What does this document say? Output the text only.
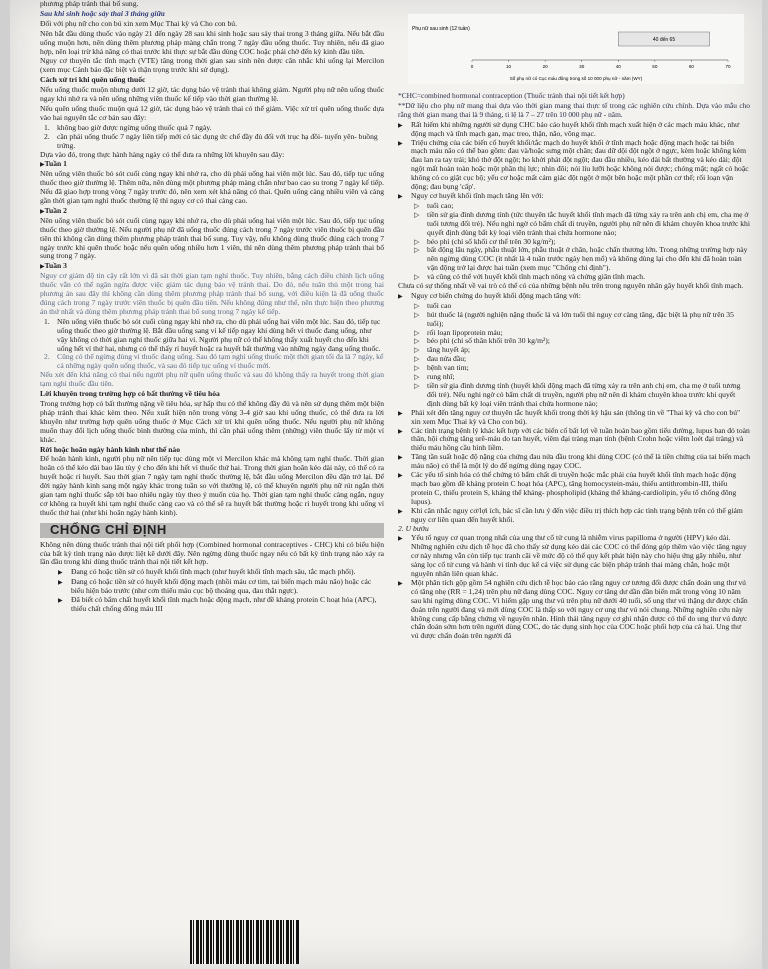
phương pháp tránh thai bổ sung.

Sau khi sinh hoặc sảy thai 3 tháng giữa

Đối với phụ nữ cho con bú xin xem Mục Thai kỳ và Cho con bú.

Nên bắt đầu dùng thuốc vào ngày 21 đến ngày 28 sau khi sinh hoặc sau sảy thai trong 3 tháng giữa. Nếu bắt đầu uống muộn hơn, nên dùng thêm phương pháp màng chắn trong 7 ngày đầu uống thuốc. Tuy nhiên, nếu đã giao hợp, nên loại trừ khả năng có thai trước khi thực sự bắt đầu dùng COC hoặc phải chờ đến kỳ kinh đầu tiên.

Nguy cơ thuyên tắc tĩnh mạch (VTE) tăng trong thời gian sau sinh nên được cân nhắc khi uống lại Mercilon (xem mục Cảnh báo đặc biệt và thận trọng trước khi sử dụng).

Cách xử trí khi quên uống thuốc

Nếu uống thuốc muộn nhưng dưới 12 giờ, tác dụng bảo vệ tránh thai không giảm. Người phụ nữ nên uống thuốc ngay khi nhớ ra và nên uống những viên thuốc kế tiếp vào thời gian thường lệ.

Nếu quên uống thuốc muộn quá 12 giờ, tác dụng bảo vệ tránh thai có thể giảm. Việc xử trí quên uống thuốc dựa vào hai nguyên tắc cơ bản sau đây:

1. không bao giờ được ngừng uống thuốc quá 7 ngày.
2. cần phải uống thuốc 7 ngày liên tiếp mới có tác dụng ức chế đầy đủ đối với trục hạ đồi- tuyến yên- buồng trứng.

Dựa vào đó, trong thực hành hàng ngày có thể đưa ra những lời khuyên sau đây:

▶ Tuần 1

Nên uống viên thuốc bỏ sót cuối cùng ngay khi nhớ ra, cho dù phải uống hai viên một lúc. Sau đó, tiếp tục uống thuốc theo giờ thường lệ. Thêm nữa, nên dùng một phương pháp màng chắn như bao cao su trong 7 ngày kế tiếp. Nếu đã giao hợp trong vòng 7 ngày trước đó, nên xem xét khả năng có thai. Quên uống càng nhiều viên và càng gần thời gian tạm nghỉ thuốc thường lệ thì nguy cơ có thai càng cao.

▶ Tuần 2

Nên uống viên thuốc bỏ sót cuối cùng ngay khi nhớ ra, cho dù phải uống hai viên một lúc. Sau đó, tiếp tục uống thuốc theo giờ thường lệ. Nếu người phụ nữ đã uống thuốc đúng cách trong 7 ngày trước viên thuốc bị quên đầu tiên thì không cần dùng thêm phương pháp tránh thai bổ sung. Tuy vậy, nếu không dùng thuốc đúng cách trong 7 ngày trước khi quên thuốc hoặc nếu quên uống nhiều hơn 1 viên, thì nên dùng thêm phương pháp tránh thai bổ sung trong 7 ngày.

▶ Tuần 3

Nguy cơ giảm độ tin cậy rất lớn vì đã sát thời gian tạm nghỉ thuốc. Tuy nhiên, bằng cách điều chỉnh lịch uống thuốc vẫn có thể ngăn ngừa được việc giảm tác dụng bảo vệ tránh thai. Do đó, nếu tuân thủ một trong hai phương án sau đây thì không cần dùng thêm phương pháp tránh thai bổ sung, với điều kiện là đã uống thuốc đúng cách trong 7 ngày trước viên thuốc bị quên đầu tiên. Nếu không đúng như thế, nên thực hiện theo phương án thứ nhất và dùng thêm phương pháp tránh thai bổ sung trong 7 ngày kế tiếp.

1. Nên uống viên thuốc bỏ sót cuối cùng ngay khi nhớ ra, cho dù phải uống hai viên một lúc. Sau đó, tiếp tục uống thuốc theo giờ thường lệ. Bắt đầu uống sang vỉ kế tiếp ngay khi dùng hết vỉ thuốc đang uống, như vậy không có thời gian nghỉ thuốc giữa hai vỉ. Người phụ nữ có thể không thấy xuất huyết cho đến khi uống hết vỉ thứ hai, nhưng có thể thấy rỉ huyết hoặc ra huyết bất thường vào những ngày đang uống thuốc.
2. Cũng có thể ngừng dùng vỉ thuốc đang uống. Sau đó tạm nghỉ uống thuốc một thời gian tối đa là 7 ngày, kể cả những ngày quên uống thuốc, và sau đó tiếp tục uống vỉ thuốc mới.

Nếu xét đến khả năng có thai nếu người phụ nữ quên uống thuốc và sau đó không thấy ra huyết trong thời gian tạm nghỉ thuốc đầu tiên.

Lời khuyên trong trường hợp có bất thường về tiêu hóa

Trong trường hợp có bất thường nặng về tiêu hóa, sự hấp thu có thể không đầy đủ và nên sử dụng thêm một biện pháp tránh thai khác kèm theo. Nếu xuất hiện nôn trong vòng 3-4 giờ sau khi uống thuốc, có thể đưa ra lời khuyên như trường hợp quên uống thuốc ở Mục Cách xử trí khi quên uống thuốc. Nếu người phụ nữ không muốn thay đổi lịch uống thuốc bình thường của mình, thì cần phải uống thêm (những) viên thuốc lấy từ một vỉ khác.

Rời hoặc hoãn ngày hành kinh như thế nào

Để hoãn hành kinh, người phụ nữ nên tiếp tục dùng một vỉ Mercilon khác mà không tạm nghỉ thuốc. Thời gian hoãn có thể kéo dài bao lâu tùy ý cho đến khi hết vỉ thuốc thứ hai. Trong thời gian hoãn kéo dài này, có thể có ra huyết hoặc rỉ huyết. Sau thời gian 7 ngày tạm nghỉ thuốc thường lệ, bắt đầu uống Mercilon đều đặn trở lại. Để đời ngày hành kinh sang một ngày khác trong tuần so với thường lệ, có thể khuyên người phụ nữ rút ngắn thời gian tạm nghỉ thuốc sắp tới bao nhiêu ngày tùy theo ý muốn của họ. Thời gian tạm nghỉ thuốc càng ngắn, nguy cơ không ra huyết khi tạm nghỉ thuốc càng cao và có thể sẽ ra huyết bất thường hoặc rỉ huyết trong khi uống vỉ thuốc thứ hai (như khi hoãn ngày hành kinh).

CHỐNG CHỈ ĐỊNH

Không nên dùng thuốc tránh thai nội tiết phối hợp (Combined hormonal contraceptives - CHC) khi có biểu hiện của bất kỳ tình trạng nào được liệt kê dưới đây. Nên ngừng dùng thuốc ngay nếu có bất kỳ tình trạng nào xảy ra lần đầu trong khi dùng thuốc tránh thai nội tiết kết hợp.

▶
Đang có hoặc tiền sử có huyết khối tĩnh mạch (như huyết khối tĩnh mạch sâu, tắc mạch phổi).
▶
Đang có hoặc tiền sử có huyết khối động mạch (nhồi máu cơ tim, tai biến mạch máu não) hoặc các biểu hiện báo trước (như cơn thiếu máu cục bộ thoáng qua, đau thắt ngực).
▶
Đã biết có bẩm chất huyết khối tĩnh mạch hoặc động mạch, như đề kháng protein C hoạt hóa (APC), thiếu chất chống đông máu III
Phụ nữ sau sinh (12 tuần)
40 đến 65
0	10	20	30	40	50	60	70
Số phụ nữ có Cục máu đông trong số 10 000 phụ nữ - năm (WY)

*CHC=combined hormonal contraception (Thuốc tránh thai nội tiết kết hợp)

**Dữ liệu cho phụ nữ mang thai dựa vào thời gian mang thai thực tế trong các nghiên cứu chính. Dựa vào mẫu cho rằng thời gian mang thai là 9 tháng, tỉ lệ là 7 – 27 trên 10 000 phụ nữ - năm.

▶
Rất hiếm khi những người sử dụng CHC báo cáo huyết khối tĩnh mạch xuất hiện ở các mạch máu khác, như động mạch và tĩnh mạch gan, mạc treo, thận, não, võng mạc.
▶
Triệu chứng của các biến cố huyết khối/tắc mạch do huyết khối ở tĩnh mạch hoặc động mạch hoặc tai biến mạch máu não có thể bao gồm: đau và/hoặc sưng một chân; đau dữ dội đột ngột ở ngực, kèm hoặc không kèm đau lan ra tay trái; khó thở đột ngột; ho khởi phát đột ngột; đau đầu nhiều, kéo dài bất thường và kéo dài; đột ngột mất hoàn toàn hoặc một phần thị lực; nhìn đôi; nói líu lưỡi hoặc không nói được; chóng mặt; ngất có hoặc không có co giật cục bộ; yếu cơ hoặc mất cảm giác đột ngột ở một bên hoặc một phần cơ thể; rối loạn vận động; đau bụng 'cấp'.
▶
Nguy cơ huyết khối tĩnh mạch tăng lên với:
▷
tuổi cao;
▷
tiền sử gia đình dương tính (tức thuyên tắc huyết khối tĩnh mạch đã từng xảy ra trên anh chị em, cha mẹ ở tuổi tương đối trẻ). Nếu nghi ngờ có bẩm chất di truyền, người phụ nữ nên đi khám chuyên khoa trước khi quyết định dùng bất kỳ loại viên tránh thai chứa hormone nào;
▷
béo phì (chỉ số khối cơ thể trên 30 kg/m²);
▷
bất động lâu ngày, phẫu thuật lớn, phẫu thuật ở chân, hoặc chấn thương lớn. Trong những trường hợp này nên ngừng dùng COC (ít nhất là 4 tuần trước ngày hẹn mổ) và không dùng lại cho đến khi đã hoàn toàn vận động trở lại được hai tuần (xem mục "Chống chỉ định").
▷
và cũng có thể với huyết khối tĩnh mạch nông và chứng giãn tĩnh mạch.

Chưa có sự thống nhất về vai trò có thể có của những bệnh nêu trên trong nguyên nhân gây huyết khối tĩnh mạch.

▶
Nguy cơ biến chứng do huyết khối động mạch tăng với:
▷
tuổi cao
▷
hút thuốc lá (người nghiện nặng thuốc lá và lớn tuổi thì nguy cơ càng tăng, đặc biệt là phụ nữ trên 35 tuổi);
▷
rối loạn lipoprotein máu;
▷
béo phì (chỉ số thân khối trên 30 kg/m²);
▷
tăng huyết áp;
▷
đau nửa đầu;
▷
bệnh van tim;
▷
rung nhĩ;
▷
tiền sử gia đình dương tính (huyết khối động mạch đã từng xảy ra trên anh chị em, cha mẹ ở tuổi tương đối trẻ). Nếu nghi ngờ có bẩm chất di truyền, người phụ nữ nên đi khám chuyên khoa trước khi quyết định dùng bất kỳ loại viên tránh thai chứa hormone nào;
▶
Phải xét đến tăng nguy cơ thuyên tắc huyết khối trong thời kỳ hậu sản (thông tin về "Thai kỳ và cho con bú" xin xem Mục Thai kỳ và Cho con bú).
▶
Các tình trạng bệnh lý khác kết hợp với các biến cố bất lợi về tuần hoàn bao gồm tiểu đường, lupus ban đỏ toàn thân, hội chứng tăng urê-máu do tan huyết, viêm đại tràng mạn tính (bệnh Crohn hoặc viêm loét đại tràng) và thiếu máu hồng cầu hình liềm.
▶
Tăng tần suất hoặc độ nặng của chứng đau nửa đầu trong khi dùng COC (có thể là tiền chứng của tai biến mạch máu não) có thể là một lý do để ngừng dùng ngay COC.
▶
Các yếu tố sinh hóa có thể chứng tỏ bẩm chất di truyền hoặc mắc phải của huyết khối tĩnh mạch hoặc động mạch bao gồm đề kháng protein C hoạt hóa (APC), tăng homocystein-máu, thiếu antithrombin-III, thiếu protein C, thiếu protein S, kháng thể kháng- phospholipid (kháng thể kháng-cardiolipin, yếu tố chống đông lupus).
▶
Khi cân nhắc nguy cơ/lợi ích, bác sĩ cần lưu ý đến việc điều trị thích hợp các tình trạng bệnh trên có thể giảm nguy cơ liên quan đến huyết khối.

2. U bướu

▶
Yếu tố nguy cơ quan trọng nhất của ung thư cổ tử cung là nhiễm virus papilloma ở người (HPV) kéo dài. Những nghiên cứu dịch tễ học đã cho thấy sử dụng kéo dài các COC có thể đóng góp thêm vào việc tăng nguy cơ này nhưng vẫn còn tiếp tục tranh cãi về mức độ có thể quy kết phát hiện này cho hiệu ứng gây nhiễu, như sàng lọc cổ tử cung và hành vi tình dục kể cả việc sử dụng các biện pháp tránh thai màng chắn, hoặc một nguyên nhân liên quan khác.
▶
Một phân tích gộp gồm 54 nghiên cứu dịch tễ học báo cáo rằng nguy cơ tương đối được chẩn đoán ung thư vú có tăng nhẹ (RR = 1,24) trên phụ nữ đang dùng COC. Nguy cơ tăng dư dần dần biến mất trong vòng 10 năm sau khi ngừng dùng COC. Vì hiếm gặp ung thư vú trên phụ nữ dưới 40 tuổi, số ung thư vú thặng dư được chẩn đoán trên người đang và mới dùng COC là thấp so với nguy cơ ung thư vú nói chung. Những nghiên cứu này không cung cấp bằng chứng về nguyên nhân. Hình thái tăng nguy cơ ghi nhận được có thể do ung thư vú được chẩn đoán sớm hơn trên người dùng COC, do tác dụng sinh học của COC hoặc phối hợp của cả hai. Ung thư vú được chẩn đoán trên người đã
